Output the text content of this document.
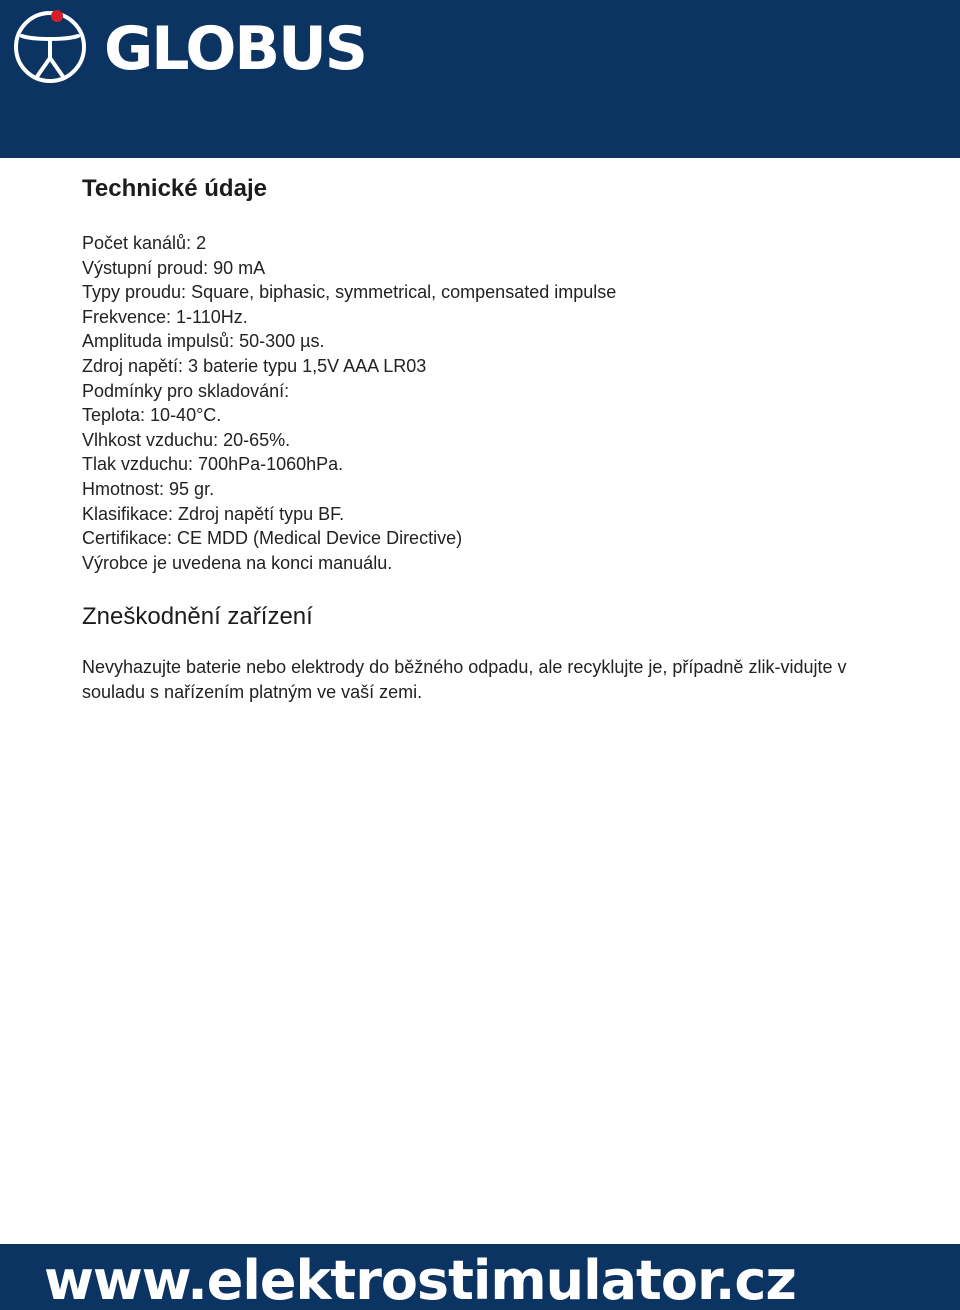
GLOBUS
Technické údaje
Počet kanálů: 2
Výstupní proud: 90 mA
Typy proudu: Square, biphasic, symmetrical, compensated impulse
Frekvence: 1-110Hz.
Amplituda impulsů: 50-300 µs.
Zdroj napětí: 3 baterie typu 1,5V AAA LR03
Podmínky pro skladování:
Teplota: 10-40°C.
Vlhkost vzduchu: 20-65%.
Tlak vzduchu: 700hPa-1060hPa.
Hmotnost: 95 gr.
Klasifikace: Zdroj napětí typu BF.
Certifikace: CE MDD (Medical Device Directive)
Výrobce je uvedena na konci manuálu.
Zneškodnění zařízení

Nevyhazujte baterie nebo elektrody do běžného odpadu, ale recyklujte je, případně zlik-vidujte v souladu s nařízením platným ve vaší zemi.

www.elektrostimulator.cz
